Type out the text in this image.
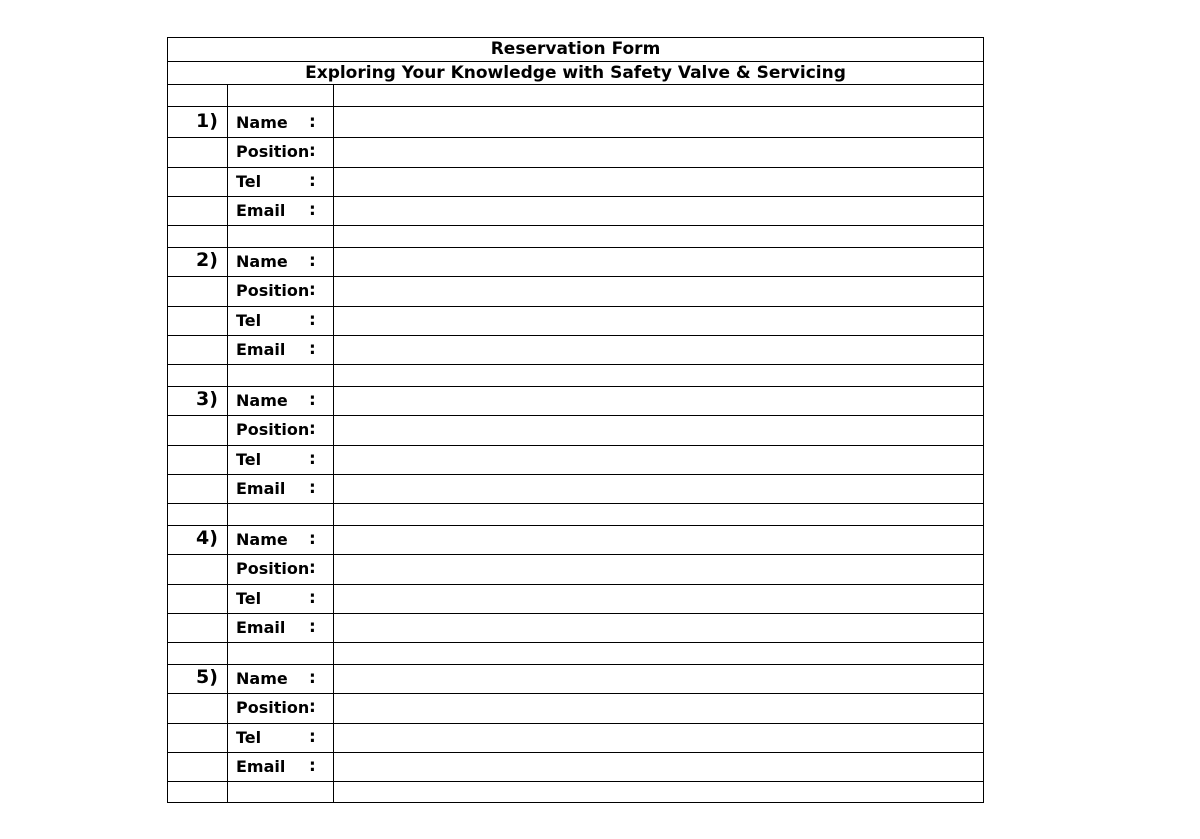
Reservation Form
Exploring Your Knowledge with Safety Valve & Servicing
1) Name :
Position :
Tel	:
Email :
2) Name :
Position :
Tel	:
Email :
3) Name :
Position :
Tel	:
Email :
4) Name :
Position :
Tel	:
Email :
5) Name :
Position :
Tel	:
Email :
